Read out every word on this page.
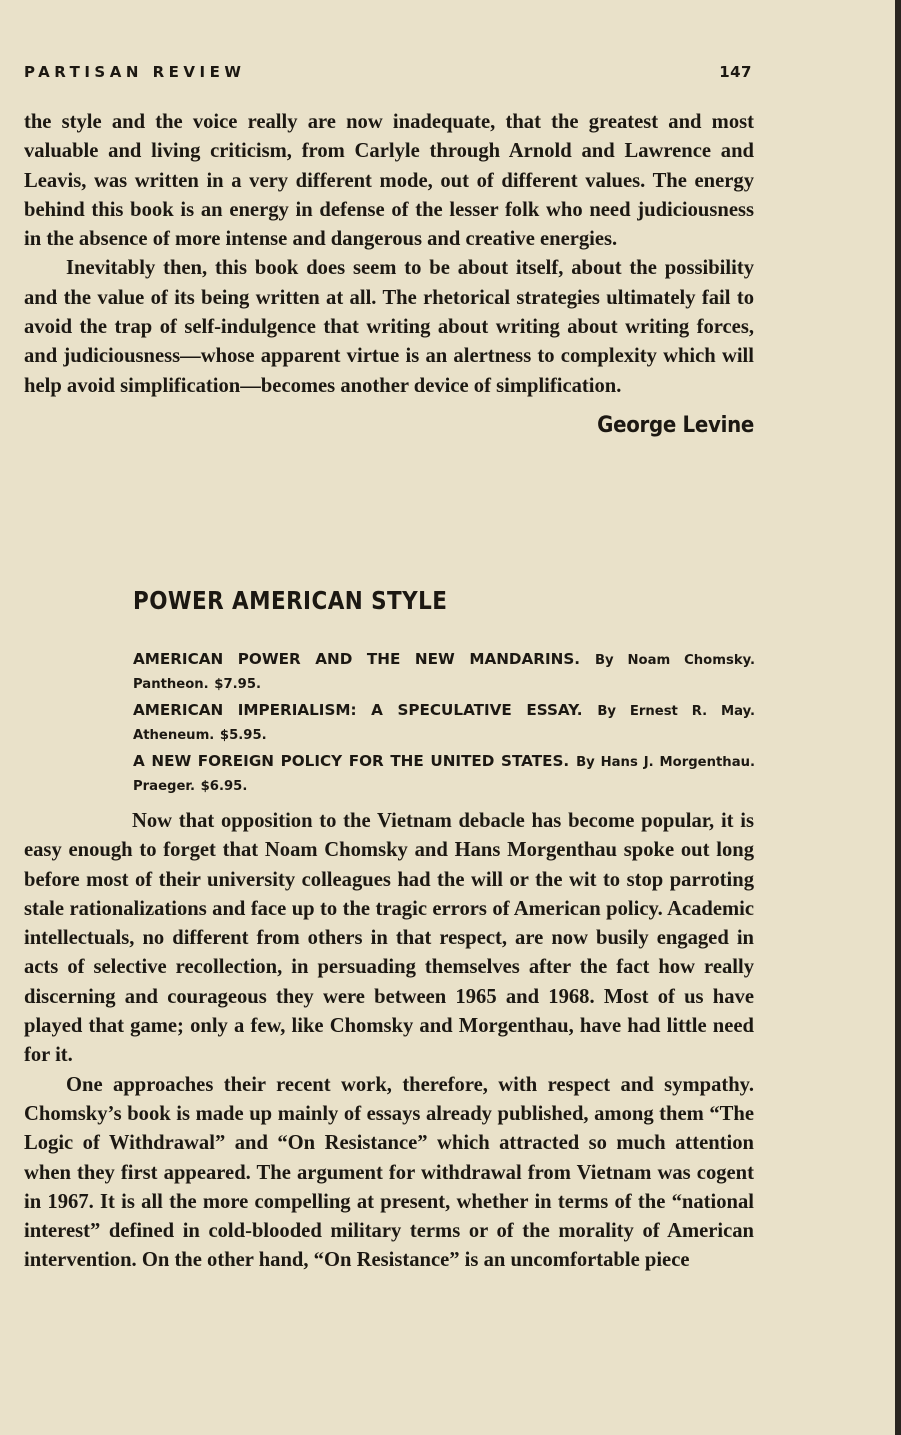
PARTISAN REVIEW	147

the style and the voice really are now inadequate, that the greatest and most valuable and living criticism, from Carlyle through Arnold and Lawrence and Leavis, was written in a very different mode, out of different values. The energy behind this book is an energy in defense of the lesser folk who need judiciousness in the absence of more intense and dangerous and creative energies.

Inevitably then, this book does seem to be about itself, about the possibility and the value of its being written at all. The rhetorical strategies ultimately fail to avoid the trap of self-indulgence that writing about writing about writing forces, and judiciousness—whose apparent virtue is an alertness to complexity which will help avoid simplification—becomes another device of simplification.

George Levine
POWER AMERICAN STYLE

AMERICAN POWER AND THE NEW MANDARINS. By Noam Chomsky. Pantheon. $7.95.

AMERICAN IMPERIALISM: A SPECULATIVE ESSAY. By Ernest R. May. Atheneum. $5.95.

A NEW FOREIGN POLICY FOR THE UNITED STATES. By Hans J. Morgenthau. Praeger. $6.95.

Now that opposition to the Vietnam debacle has become popular, it is easy enough to forget that Noam Chomsky and Hans Morgenthau spoke out long before most of their university colleagues had the will or the wit to stop parroting stale rationalizations and face up to the tragic errors of American policy. Academic intellectuals, no different from others in that respect, are now busily engaged in acts of selective recollection, in persuading themselves after the fact how really discerning and courageous they were between 1965 and 1968. Most of us have played that game; only a few, like Chomsky and Morgenthau, have had little need for it.

One approaches their recent work, therefore, with respect and sympathy. Chomsky’s book is made up mainly of essays already published, among them “The Logic of Withdrawal” and “On Resistance” which attracted so much attention when they first appeared. The argument for withdrawal from Vietnam was cogent in 1967. It is all the more compelling at present, whether in terms of the “national interest” defined in cold-blooded military terms or of the morality of American intervention. On the other hand, “On Resistance” is an uncomfortable piece
